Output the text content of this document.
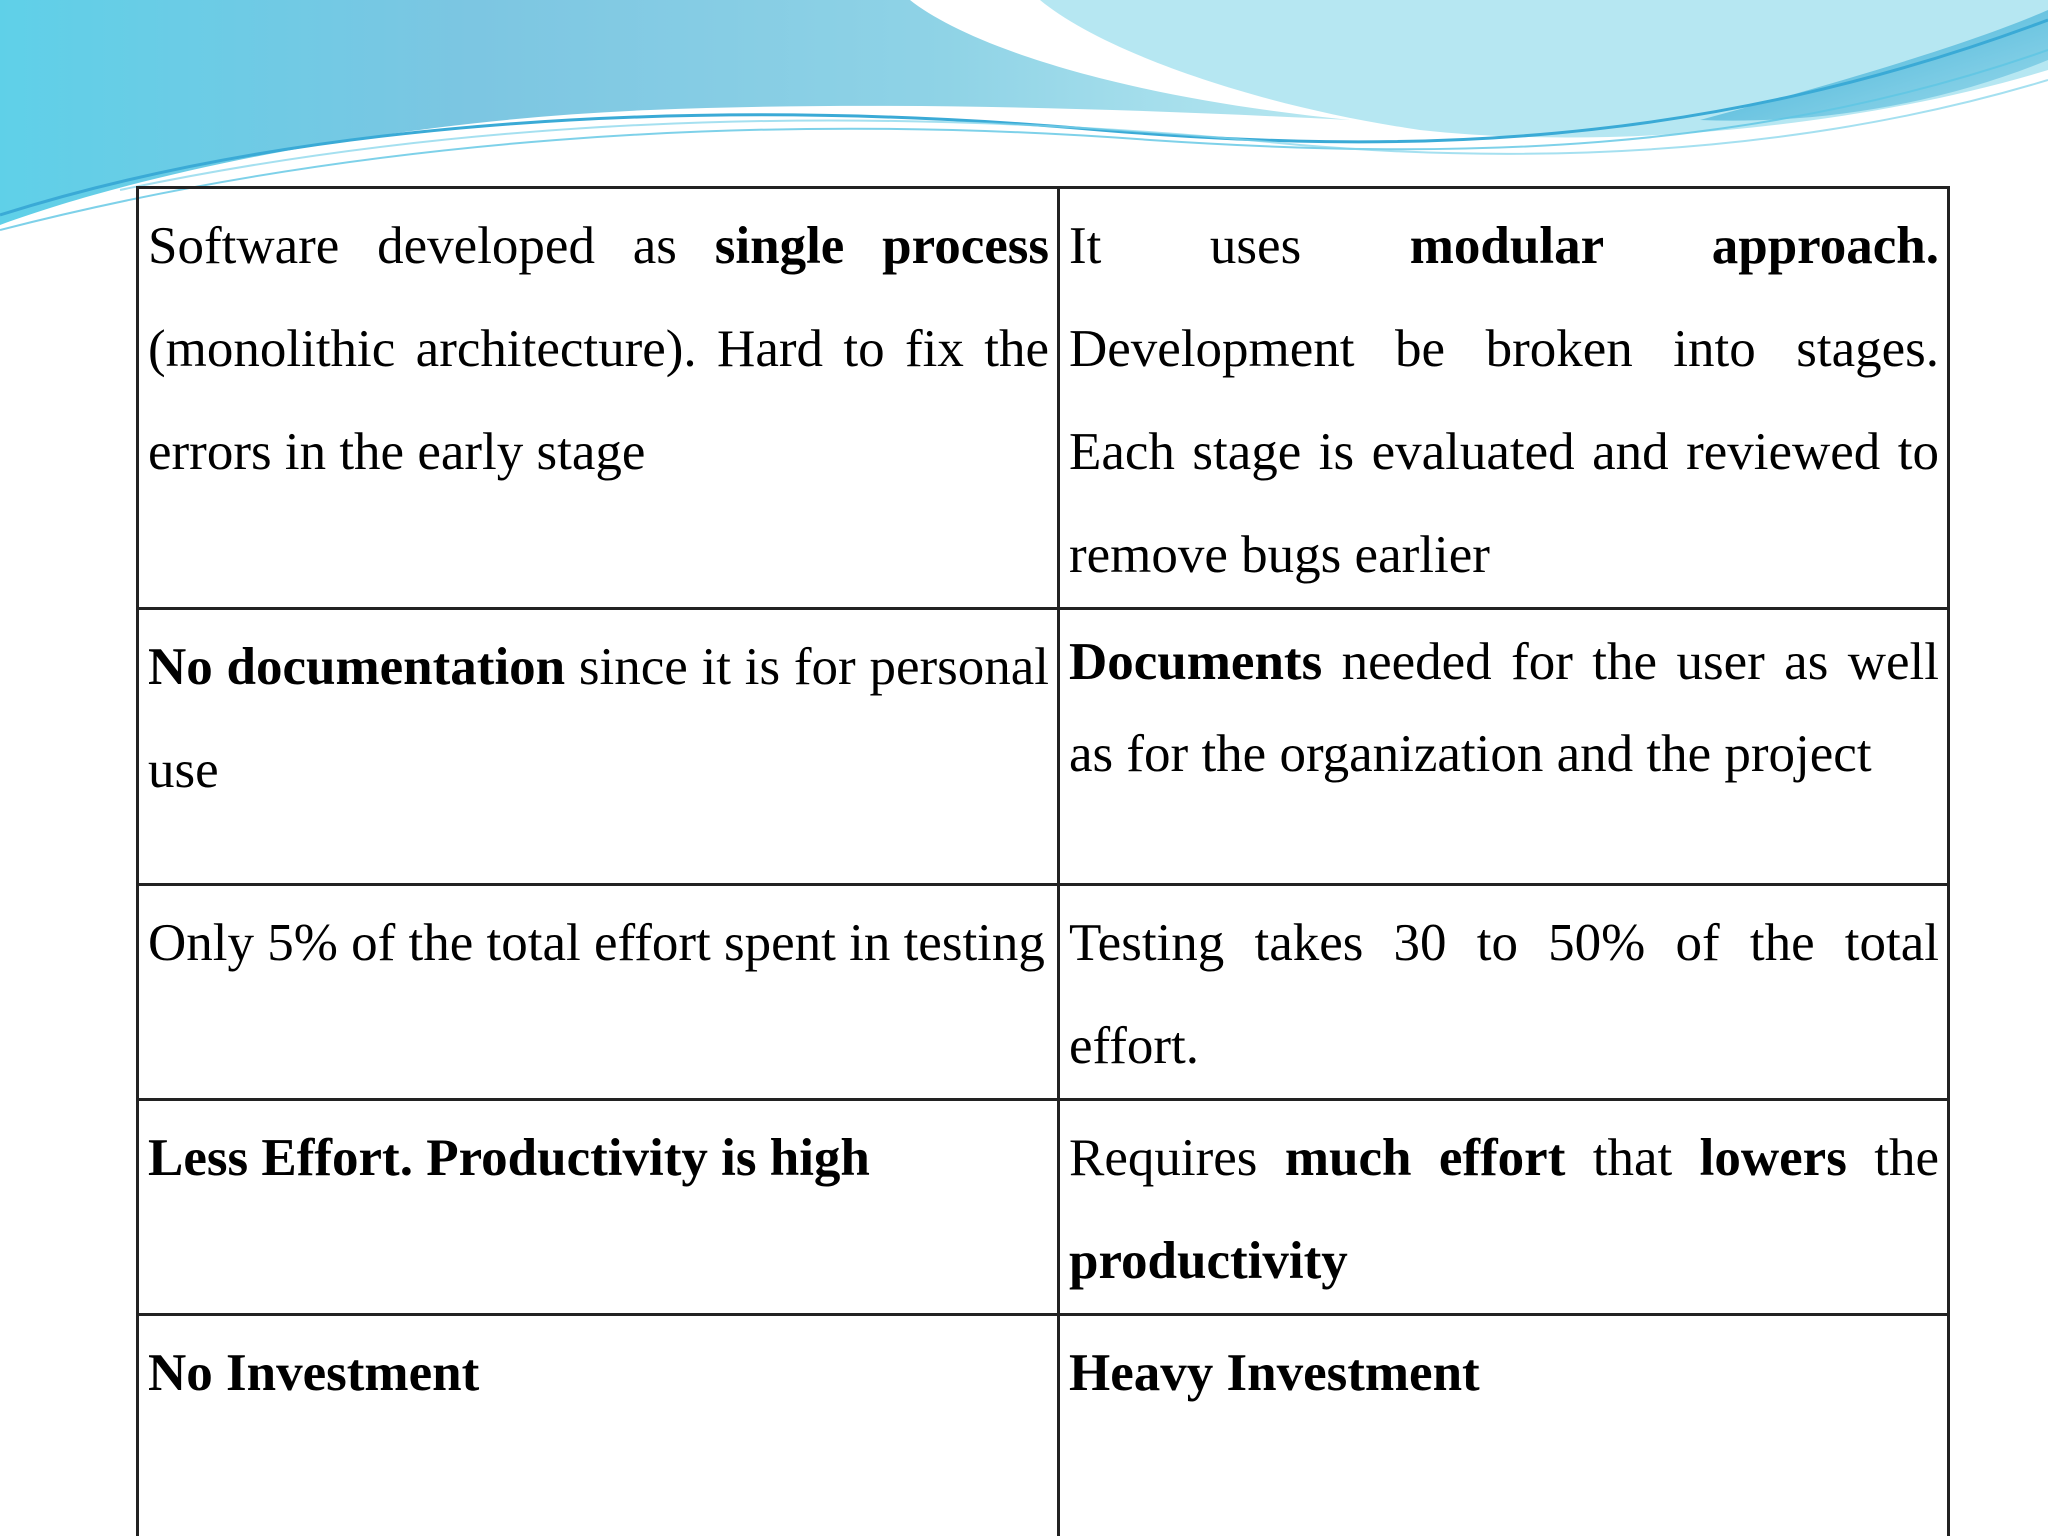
Software developed as single process (monolithic architecture). Hard to fix the errors in the early stage	It uses modular approach. Development be broken into stages. Each stage is evaluated and reviewed to remove bugs earlier
No documentation since it is for personal use	Documents needed for the user as well as for the organization and the project
Only 5% of the total effort spent in testing	Testing takes 30 to 50% of the total effort.
Less Effort. Productivity is high	Requires much effort that lowers the productivity
No Investment	Heavy Investment
